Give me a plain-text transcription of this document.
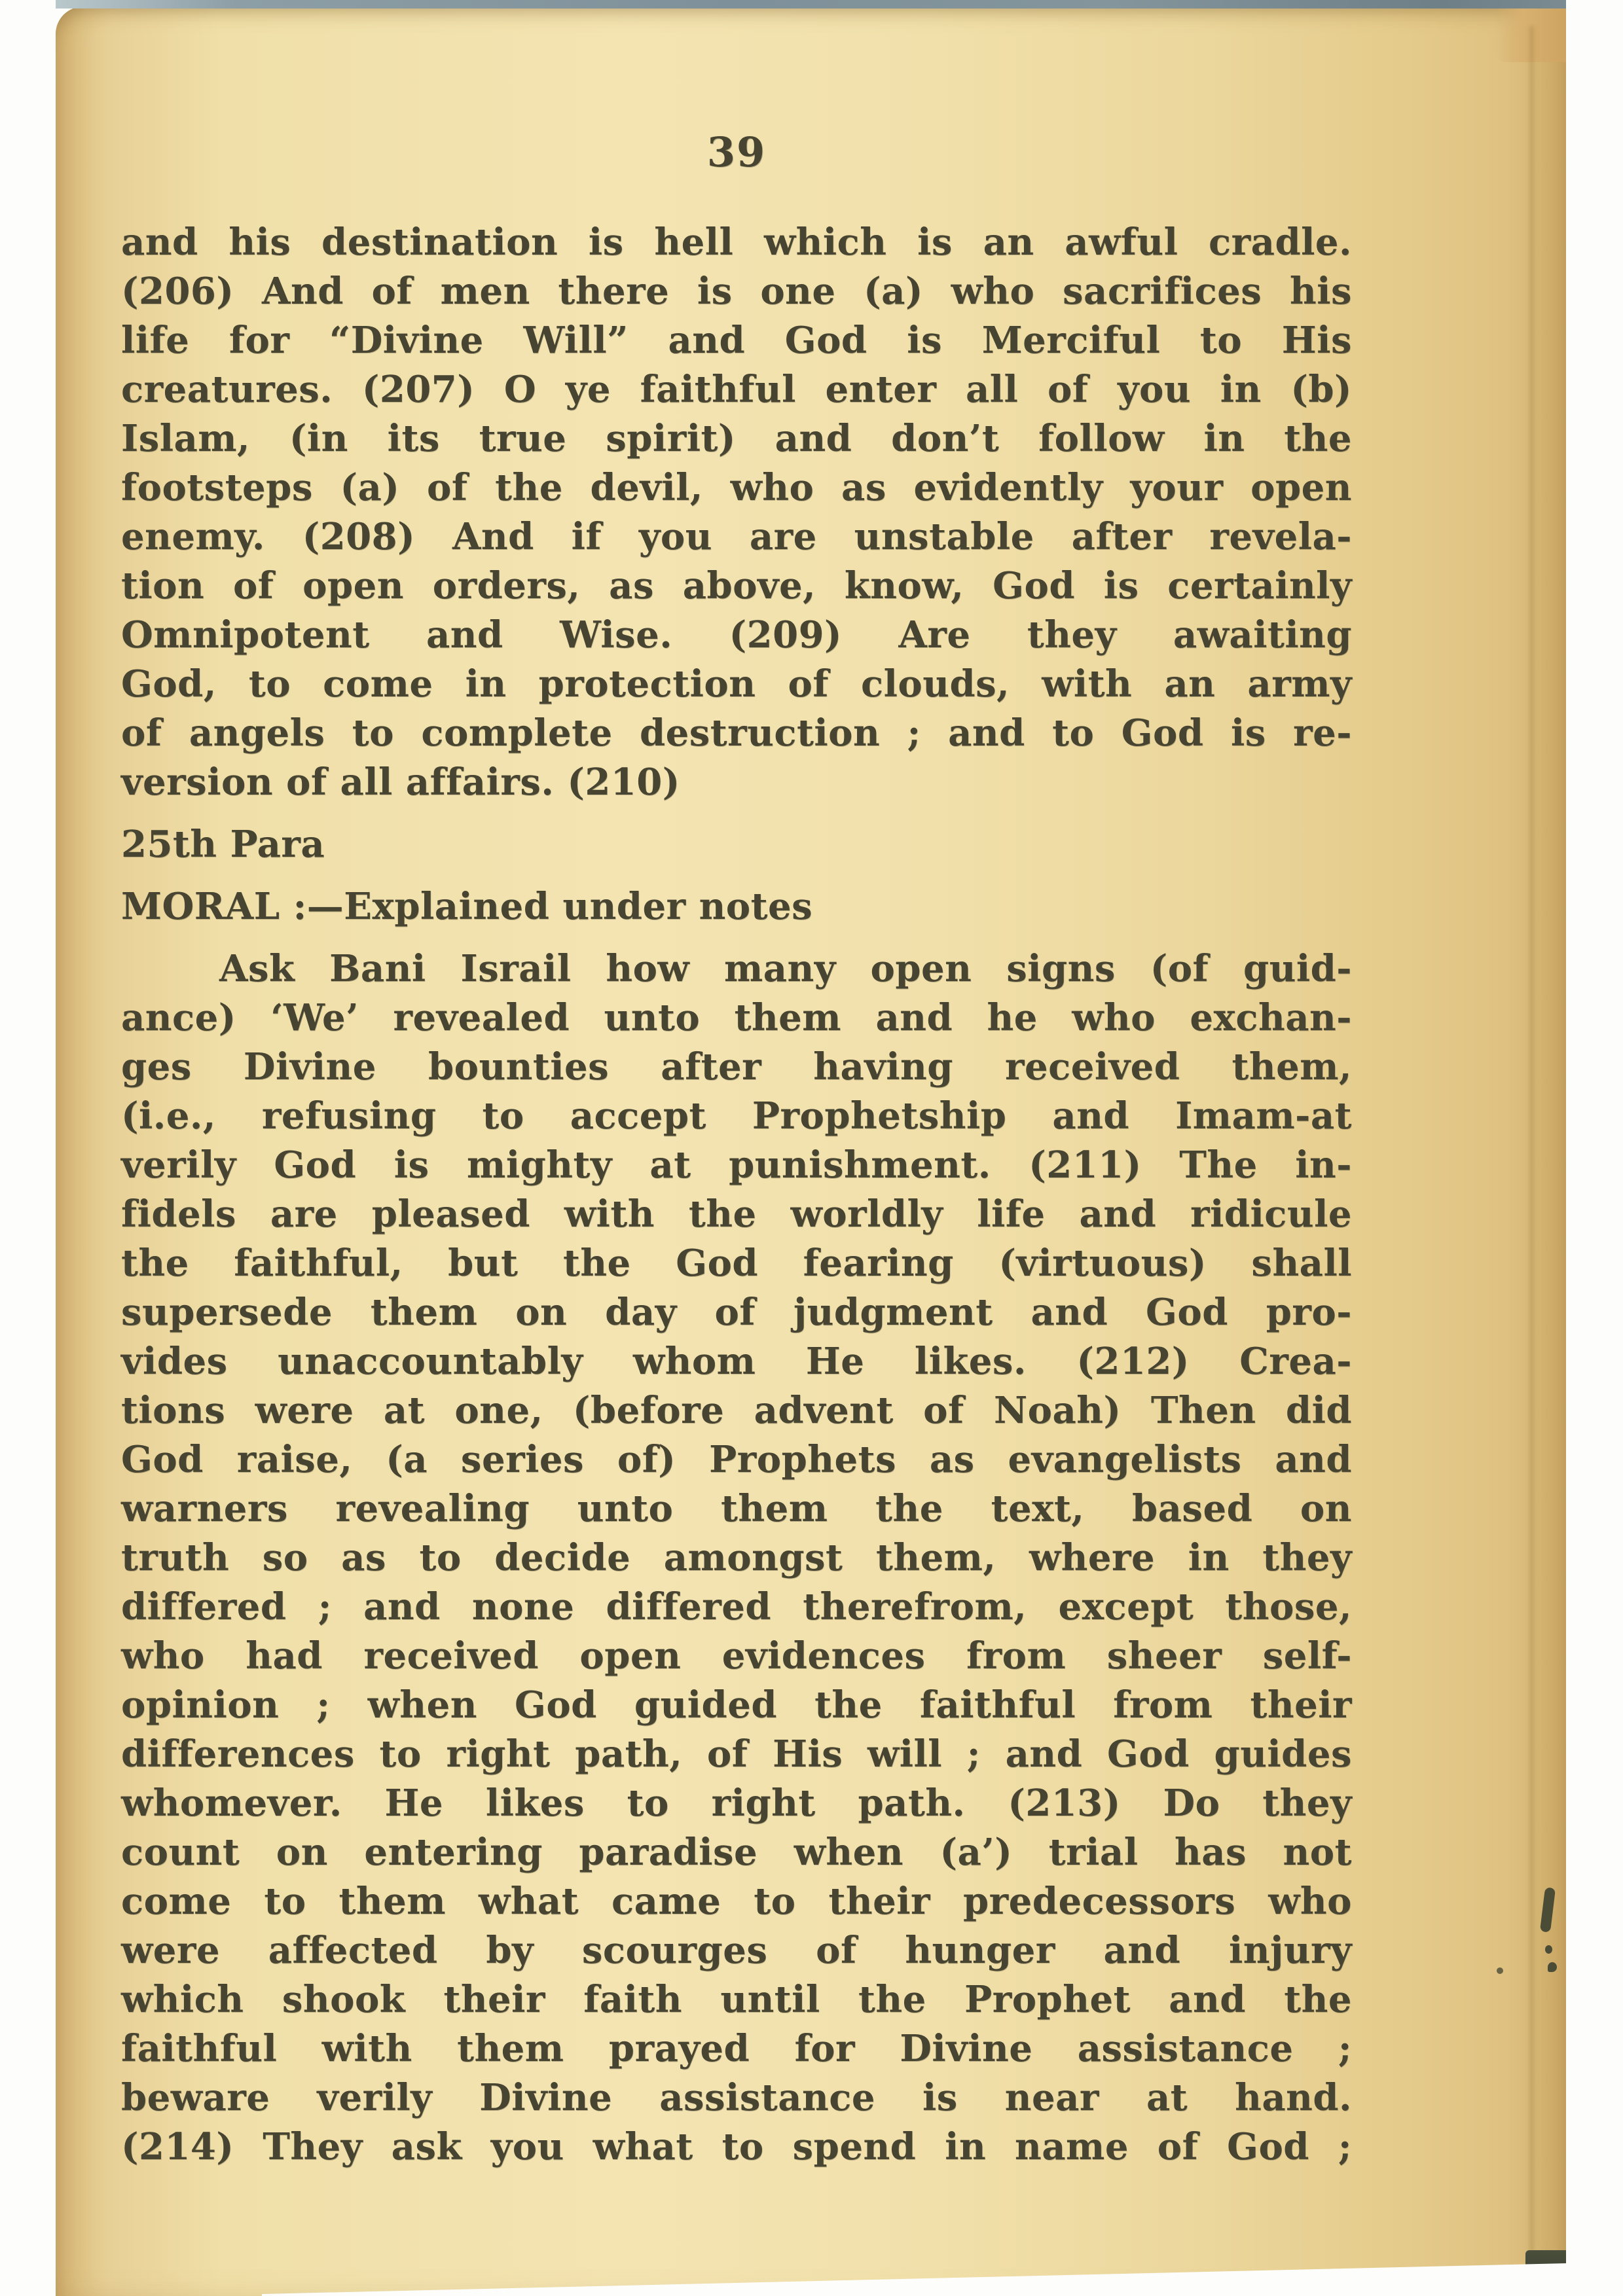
39
and his destination is hell which is an awful cradle.
(206) And of men there is one (a) who sacrifices his
life for “Divine Will” and God is Merciful to His
creatures. (207) O ye faithful enter all of you in (b)
Islam, (in its true spirit) and don’t follow in the
footsteps (a) of the devil, who as evidently your open
enemy. (208) And if you are unstable after revela-
tion of open orders, as above, know, God is certainly
Omnipotent and Wise. (209) Are they awaiting
God, to come in protection of clouds, with an army
of angels to complete destruction ; and to God is re-
version of all affairs. (210)
25th Para
MORAL :—Explained under notes
Ask Bani Israil how many open signs (of guid-
ance) ‘We’ revealed unto them and he who exchan-
ges Divine bounties after having received them,
(i.e., refusing to accept Prophetship and Imam-at
verily God is mighty at punishment. (211) The in-
fidels are pleased with the worldly life and ridicule
the faithful, but the God fearing (virtuous) shall
supersede them on day of judgment and God pro-
vides unaccountably whom He likes. (212) Crea-
tions were at one, (before advent of Noah) Then did
God raise, (a series of) Prophets as evangelists and
warners revealing unto them the text, based on
truth so as to decide amongst them, where in they
differed ; and none differed therefrom, except those,
who had received open evidences from sheer self-
opinion ; when God guided the faithful from their
differences to right path, of His will ; and God guides
whomever. He likes to right path. (213) Do they
count on entering paradise when (a’) trial has not
come to them what came to their predecessors who
were affected by scourges of hunger and injury
which shook their faith until the Prophet and the
faithful with them prayed for Divine assistance ;
beware verily Divine assistance is near at hand.
(214) They ask you what to spend in name of God ;
